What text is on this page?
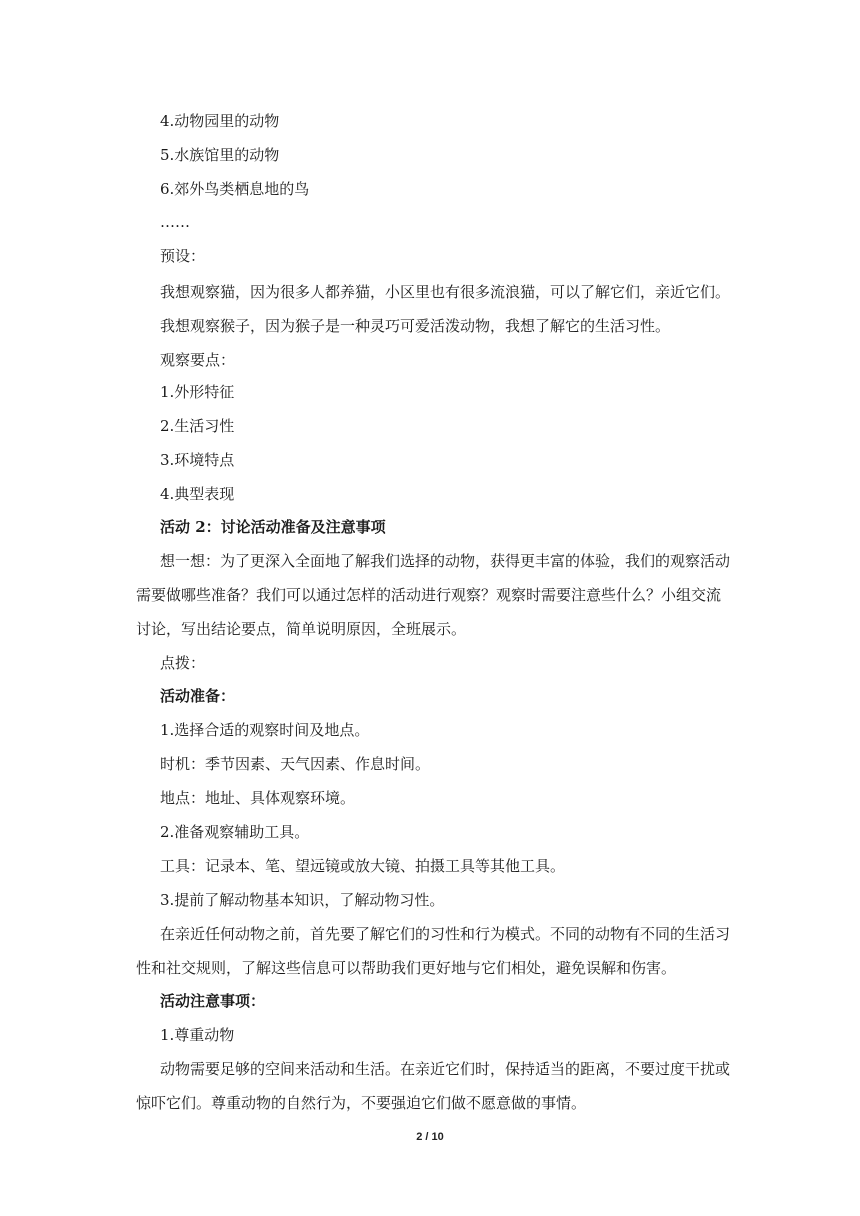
4.动物园里的动物
5.水族馆里的动物
6.郊外鸟类栖息地的鸟
……
预设：
我想观察猫，因为很多人都养猫，小区里也有很多流浪猫，可以了解它们，亲近它们。
我想观察猴子，因为猴子是一种灵巧可爱活泼动物，我想了解它的生活习性。
观察要点：
1.外形特征
2.生活习性
3.环境特点
4.典型表现
活动 2：讨论活动准备及注意事项
想一想：为了更深入全面地了解我们选择的动物，获得更丰富的体验，我们的观察活动
需要做哪些准备？我们可以通过怎样的活动进行观察？观察时需要注意些什么？小组交流
讨论，写出结论要点，简单说明原因，全班展示。
点拨：
活动准备：
1.选择合适的观察时间及地点。
时机：季节因素、天气因素、作息时间。
地点：地址、具体观察环境。
2.准备观察辅助工具。
工具：记录本、笔、望远镜或放大镜、拍摄工具等其他工具。
3.提前了解动物基本知识，了解动物习性。
在亲近任何动物之前，首先要了解它们的习性和行为模式。不同的动物有不同的生活习
性和社交规则，了解这些信息可以帮助我们更好地与它们相处，避免误解和伤害。
活动注意事项：
1.尊重动物
动物需要足够的空间来活动和生活。在亲近它们时，保持适当的距离，不要过度干扰或
惊吓它们。尊重动物的自然行为，不要强迫它们做不愿意做的事情。
2 / 10
